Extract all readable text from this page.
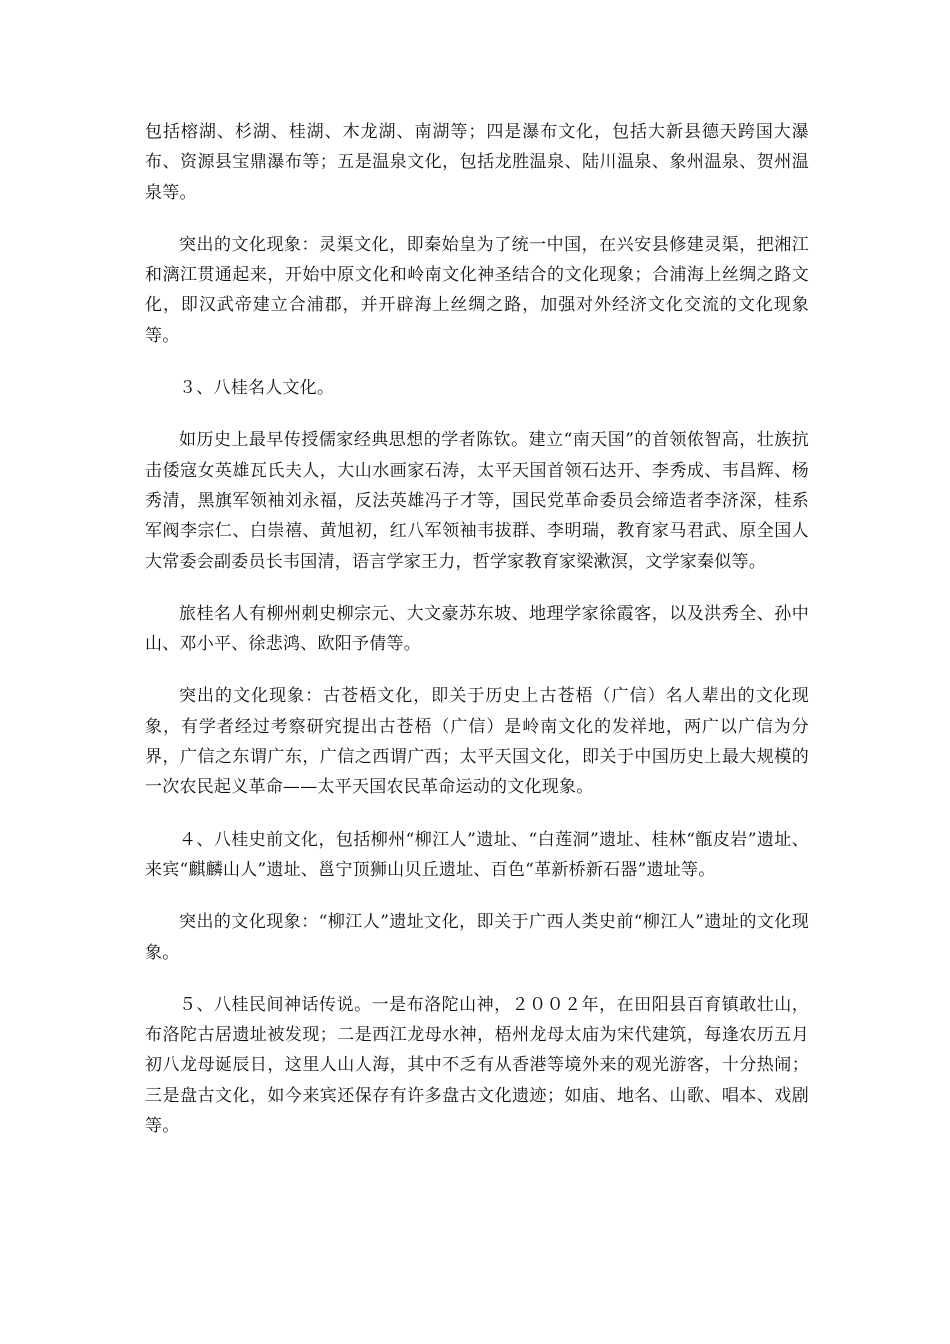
包括榕湖、杉湖、桂湖、木龙湖、南湖等；四是瀑布文化，包括大新县德天跨国大瀑布、资源县宝鼎瀑布等；五是温泉文化，包括龙胜温泉、陆川温泉、象州温泉、贺州温泉等。

突出的文化现象：灵渠文化，即秦始皇为了统一中国，在兴安县修建灵渠，把湘江和漓江贯通起来，开始中原文化和岭南文化神圣结合的文化现象；合浦海上丝绸之路文化，即汉武帝建立合浦郡，并开辟海上丝绸之路，加强对外经济文化交流的文化现象等。

３、八桂名人文化。

如历史上最早传授儒家经典思想的学者陈钦。建立“南天国”的首领侬智高，壮族抗击倭寇女英雄瓦氏夫人，大山水画家石涛，太平天国首领石达开、李秀成、韦昌辉、杨秀清，黑旗军领袖刘永福，反法英雄冯子才等，国民党革命委员会缔造者李济深，桂系军阀李宗仁、白崇禧、黄旭初，红八军领袖韦拔群、李明瑞，教育家马君武、原全国人大常委会副委员长韦国清，语言学家王力，哲学家教育家梁漱溟，文学家秦似等。

旅桂名人有柳州刺史柳宗元、大文豪苏东坡、地理学家徐霞客，以及洪秀全、孙中山、邓小平、徐悲鸿、欧阳予倩等。

突出的文化现象：古苍梧文化，即关于历史上古苍梧（广信）名人辈出的文化现象，有学者经过考察研究提出古苍梧（广信）是岭南文化的发祥地，两广以广信为分界，广信之东谓广东，广信之西谓广西；太平天国文化，即关于中国历史上最大规模的一次农民起义革命——太平天国农民革命运动的文化现象。

４、八桂史前文化，包括柳州“柳江人”遗址、“白莲洞”遗址、桂林“甑皮岩”遗址、来宾“麒麟山人”遗址、邕宁顶狮山贝丘遗址、百色“革新桥新石器”遗址等。

突出的文化现象：“柳江人”遗址文化，即关于广西人类史前“柳江人”遗址的文化现象。

５、八桂民间神话传说。一是布洛陀山神，２００２年，在田阳县百育镇敢壮山，布洛陀古居遗址被发现；二是西江龙母水神，梧州龙母太庙为宋代建筑，每逢农历五月初八龙母诞辰日，这里人山人海，其中不乏有从香港等境外来的观光游客，十分热闹；三是盘古文化，如今来宾还保存有许多盘古文化遗迹；如庙、地名、山歌、唱本、戏剧等。
